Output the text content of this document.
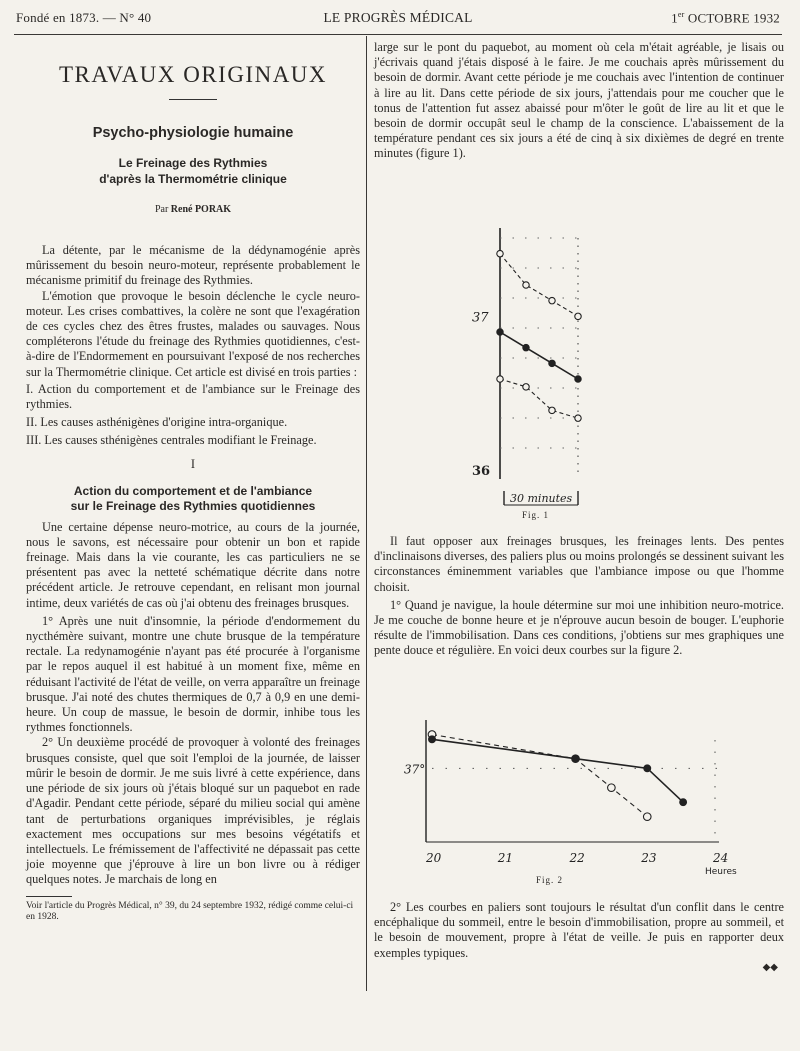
Fondé en 1873. — N° 40	LE PROGRÈS MÉDICAL	1er OCTOBRE 1932
TRAVAUX ORIGINAUX
Psycho-physiologie humaine
Le Freinage des Rythmies
d'après la Thermométrie clinique
Par René PORAK

La détente, par le mécanisme de la dédynamogénie après mûrissement du besoin neuro-moteur, représente probablement le mécanisme primitif du freinage des Rythmies.

L'émotion que provoque le besoin déclenche le cycle neuro-moteur. Les crises combattives, la colère ne sont que l'exagération de ces cycles chez des êtres frustes, malades ou sauvages. Nous compléterons l'étude du freinage des Rythmies quotidiennes, c'est-à-dire de l'Endormement en poursuivant l'exposé de nos recherches sur la Thermométrie clinique. Cet article est divisé en trois parties :

I. Action du comportement et de l'ambiance sur le Freinage des rythmies.

II. Les causes asthénigènes d'origine intra-organique.

III. Les causes sthénigènes centrales modifiant le Freinage.

I
Action du comportement et de l'ambiance
sur le Freinage des Rythmies quotidiennes

Une certaine dépense neuro-motrice, au cours de la journée, nous le savons, est nécessaire pour obtenir un bon et rapide freinage. Mais dans la vie courante, les cas particuliers ne se présentent pas avec la netteté schématique décrite dans notre précédent article. Je retrouve cependant, en relisant mon journal intime, deux variétés de cas où j'ai obtenu des freinages brusques.

1° Après une nuit d'insomnie, la période d'endormement du nycthémère suivant, montre une chute brusque de la température rectale. La redynamogénie n'ayant pas été procurée à l'organisme par le repos auquel il est habitué à un moment fixe, même en réduisant l'activité de l'état de veille, on verra apparaître un freinage brusque. J'ai noté des chutes thermiques de 0,7 à 0,9 en une demi-heure. Un coup de massue, le besoin de dormir, inhibe tous les rythmes fonctionnels.

2° Un deuxième procédé de provoquer à volonté des freinages brusques consiste, quel que soit l'emploi de la journée, de laisser mûrir le besoin de dormir. Je me suis livré à cette expérience, dans une période de six jours où j'étais bloqué sur un paquebot en rade d'Agadir. Pendant cette période, séparé du milieu social qui amène tant de perturbations organiques imprévisibles, je réglais exactement mes occupations sur mes besoins végétatifs et intellectuels. Le frémissement de l'affectivité ne dépassait pas cette joie moyenne que j'éprouve à lire un bon livre ou à rédiger quelques notes. Je marchais de long en

Voir l'article du Progrès Médical, n° 39, du 24 septembre 1932, rédigé comme celui-ci en 1928.

large sur le pont du paquebot, au moment où cela m'était agréable, je lisais ou j'écrivais quand j'étais disposé à le faire. Je me couchais après mûrissement du besoin de dormir. Avant cette période je me couchais avec l'intention de continuer à lire au lit. Dans cette période de six jours, j'attendais pour me coucher que le tonus de l'attention fut assez abaissé pour m'ôter le goût de lire au lit et que le besoin de dormir occupât seul le champ de la conscience. L'abaissement de la température pendant ces six jours a été de cinq à six dixièmes de degré en trente minutes (figure 1).

37
36
30 minutes
Fig. 1

Il faut opposer aux freinages brusques, les freinages lents. Des pentes d'inclinaisons diverses, des paliers plus ou moins prolongés se dessinent suivant les circonstances éminemment variables que l'ambiance impose ou que l'homme choisit.

1° Quand je navigue, la houle détermine sur moi une inhibition neuro-motrice. Je me couche de bonne heure et je n'éprouve aucun besoin de bouger. L'euphorie résulte de l'immobilisation. Dans ces conditions, j'obtiens sur mes graphiques une pente douce et régulière. En voici deux courbes sur la figure 2.

37°
20	21	22	23	24
Heures
Fig. 2

2° Les courbes en paliers sont toujours le résultat d'un conflit dans le centre encéphalique du sommeil, entre le besoin d'immobilisation, propre au sommeil, et le besoin de mouvement, propre à l'état de veille. Je puis en rapporter deux exemples typiques.

◆◆
